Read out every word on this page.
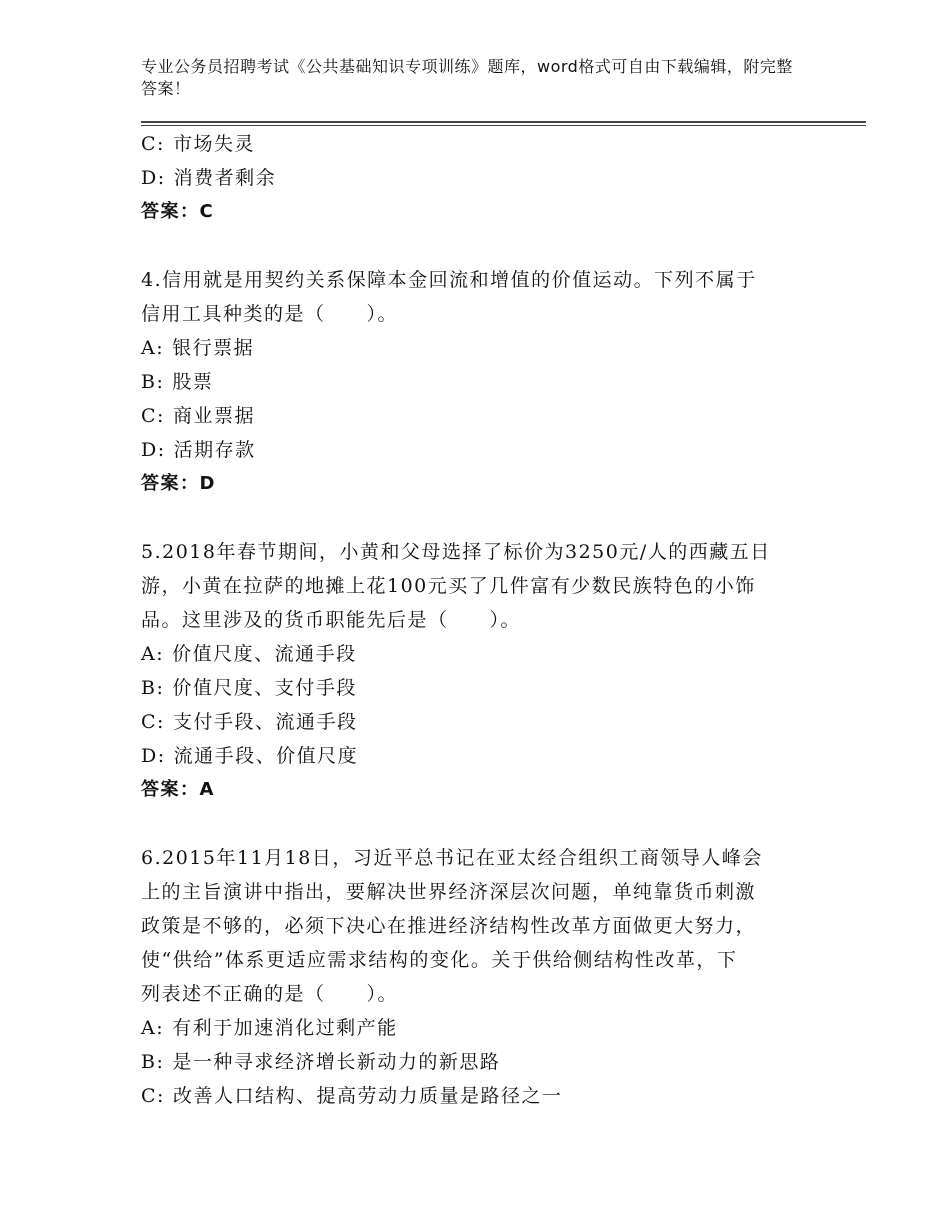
专业公务员招聘考试《公共基础知识专项训练》题库，word格式可自由下载编辑，附完整答案！
C: 市场失灵
D: 消费者剩余
答案：C
4.信用就是用契约关系保障本金回流和增值的价值运动。下列不属于
信用工具种类的是（　　）。
A: 银行票据
B: 股票
C: 商业票据
D: 活期存款
答案：D
5.2018年春节期间，小黄和父母选择了标价为3250元/人的西藏五日
游，小黄在拉萨的地摊上花100元买了几件富有少数民族特色的小饰
品。这里涉及的货币职能先后是（　　）。
A: 价值尺度、流通手段
B: 价值尺度、支付手段
C: 支付手段、流通手段
D: 流通手段、价值尺度
答案：A
6.2015年11月18日，习近平总书记在亚太经合组织工商领导人峰会
上的主旨演讲中指出，要解决世界经济深层次问题，单纯靠货币刺激
政策是不够的，必须下决心在推进经济结构性改革方面做更大努力，
使“供给”体系更适应需求结构的变化。关于供给侧结构性改革，下
列表述不正确的是（　　）。
A: 有利于加速消化过剩产能
B: 是一种寻求经济增长新动力的新思路
C: 改善人口结构、提高劳动力质量是路径之一
